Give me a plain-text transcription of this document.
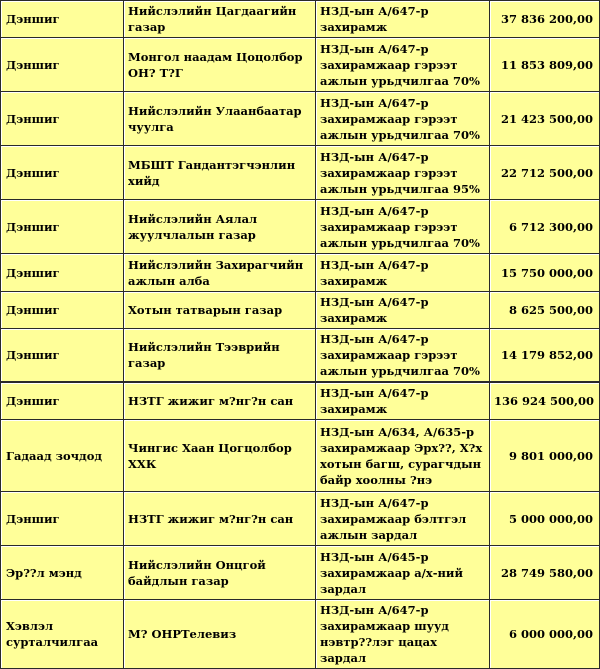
Дэншиг	Нийслэлийн Цагдаагийн газар	НЗД-ын А/647-р захирамж	37 836 200,00
Дэншиг	Монгол наадам Цоцолбор ОН? Т?Г	НЗД-ын А/647-р захирамжаар гэрээт ажлын урьдчилгаа 70%	11 853 809,00
Дэншиг	Нийслэлийн Улаанбаатар чуулга	НЗД-ын А/647-р захирамжаар гэрээт ажлын урьдчилгаа 70%	21 423 500,00
Дэншиг	МБШТ Гандантэгчэнлин хийд	НЗД-ын А/647-р захирамжаар гэрээт ажлын урьдчилгаа 95%	22 712 500,00
Дэншиг	Нийслэлийн Аялал жуулчлалын газар	НЗД-ын А/647-р захирамжаар гэрээт ажлын урьдчилгаа 70%	6 712 300,00
Дэншиг	Нийслэлийн Захирагчийн ажлын алба	НЗД-ын А/647-р захирамж	15 750 000,00
Дэншиг	Хотын татварын газар	НЗД-ын А/647-р захирамж	8 625 500,00
Дэншиг	Нийслэлийн Тээврийн газар	НЗД-ын А/647-р захирамжаар гэрээт ажлын урьдчилгаа 70%	14 179 852,00
Дэншиг	НЗТГ жижиг м?нг?н сан	НЗД-ын А/647-р захирамж	136 924 500,00
Гадаад зочдод	Чингис Хаан Цогцолбор ХХК	НЗД-ын А/634, А/635-р захирамжаар Эрх??, Х?х хотын багш, сурагчдын байр хоолны ?нэ	9 801 000,00
Дэншиг	НЗТГ жижиг м?нг?н сан	НЗД-ын А/647-р захирамжаар бэлтгэл ажлын зардал	5 000 000,00
Эр??л мэнд	Нийслэлийн Онцгой байдлын газар	НЗД-ын А/645-р захирамжаар а/х-ний зардал	28 749 580,00
Хэвлэл сурталчилгаа	М? ОНРТелевиз	НЗД-ын А/647-р захирамжаар шууд нэвтр??лэг цацах зардал	6 000 000,00
